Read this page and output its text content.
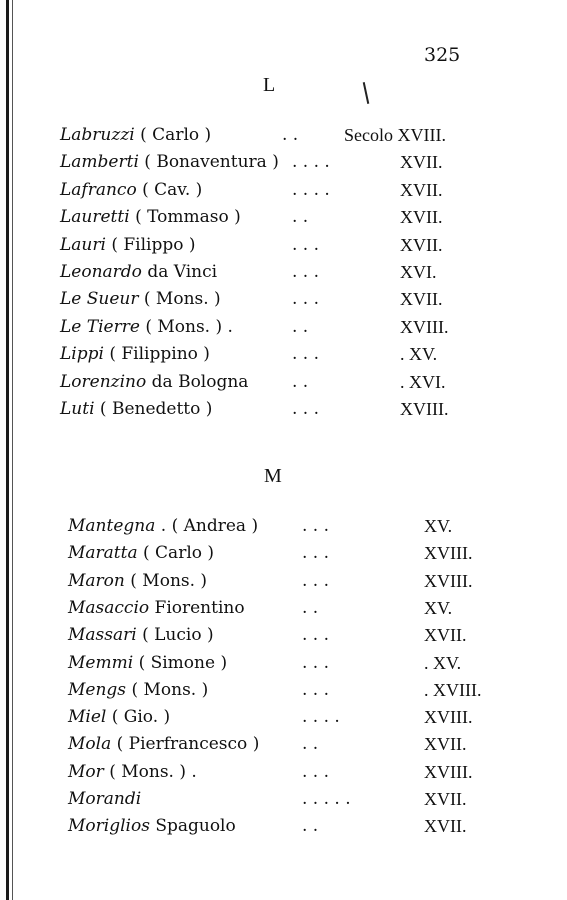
325
L
M
Labruzzi ( Carlo )	. .	Secolo XVIII.
Lamberti ( Bonaventura ) . . . .	XVII.
Lafranco ( Cav. )	. . . .	XVII.
Lauretti ( Tommaso )	. .	XVII.
Lauri ( Filippo )	. . .	XVII.
Leonardo da Vinci	. . .	XVI.
Le Sueur ( Mons. )	. . .	XVII.
Le Tierre ( Mons. ) .	. .	XVIII.
Lippi ( Filippino )	. . .	. XV.
Lorenzino da Bologna	. .	. XVI.
Luti ( Benedetto )	. . .	XVIII.
Mantegna . ( Andrea )	. . .	XV.
Maratta ( Carlo )	. . .	XVIII.
Maron ( Mons. )	. . .	XVIII.
Masaccio Fiorentino	. .	XV.
Massari ( Lucio )	. . .	XVII.
Memmi ( Simone )	. . .	. XV.
Mengs ( Mons. )	. . .	. XVIII.
Miel ( Gio. )	. . . .	XVIII.
Mola ( Pierfrancesco )	. .	XVII.
Mor ( Mons. ) .	. . .	XVIII.
Morandi	. . . . .	XVII.
Moriglios Spaguolo	. .	XVII.
